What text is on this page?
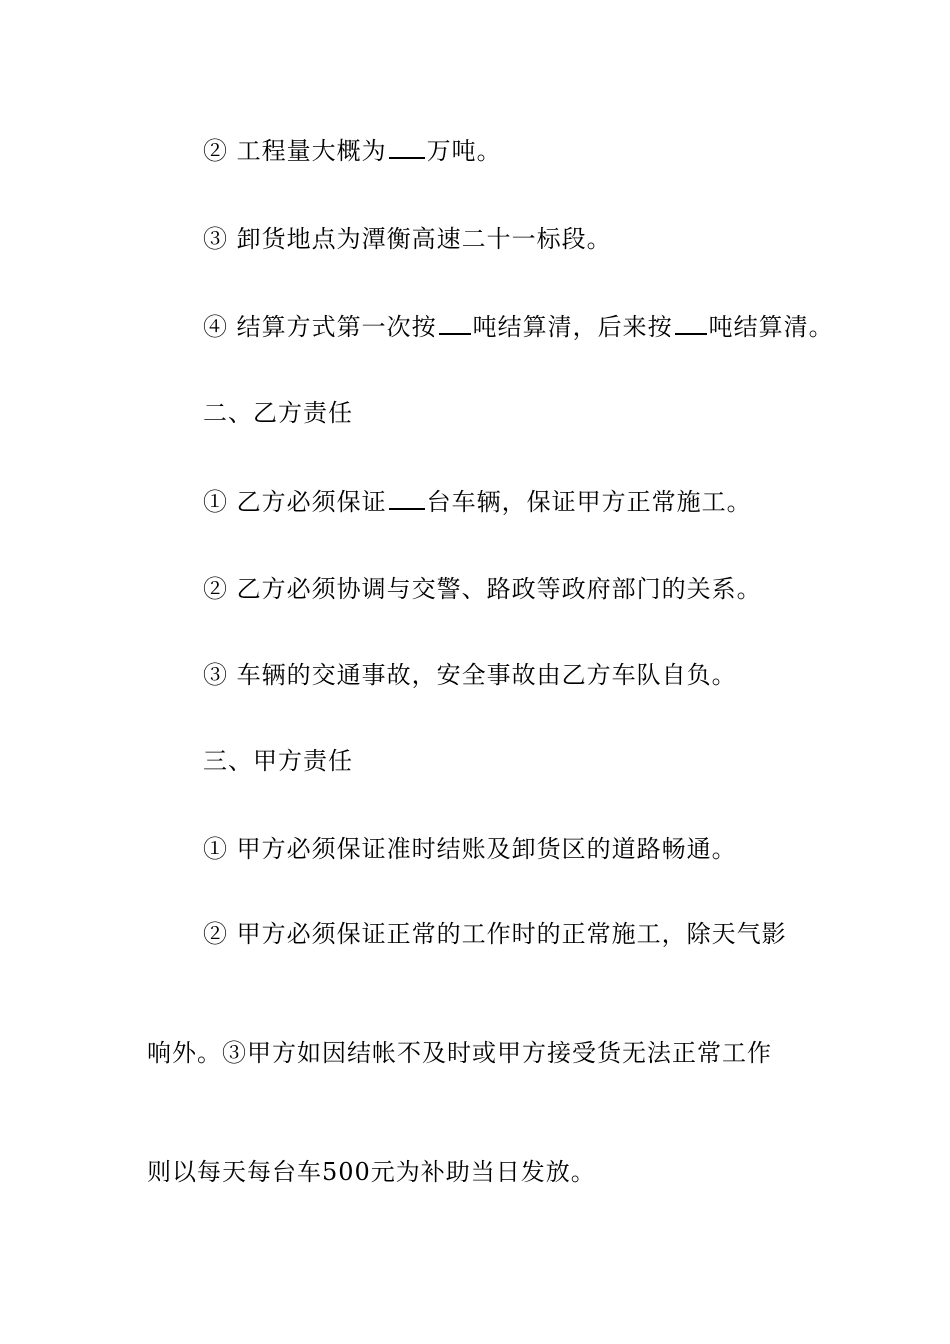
② 工程量大概为 万吨。
③ 卸货地点为潭衡高速二十一标段。
④ 结算方式第一次按 吨结算清，后来按 吨结算清。
二、乙方责任
① 乙方必须保证 台车辆，保证甲方正常施工。
② 乙方必须协调与交警、路政等政府部门的关系。
③ 车辆的交通事故，安全事故由乙方车队自负。
三、甲方责任
① 甲方必须保证准时结账及卸货区的道路畅通。
② 甲方必须保证正常的工作时的正常施工，除天气影
响外。③甲方如因结帐不及时或甲方接受货无法正常工作
则以每天每台车500元为补助当日发放。
